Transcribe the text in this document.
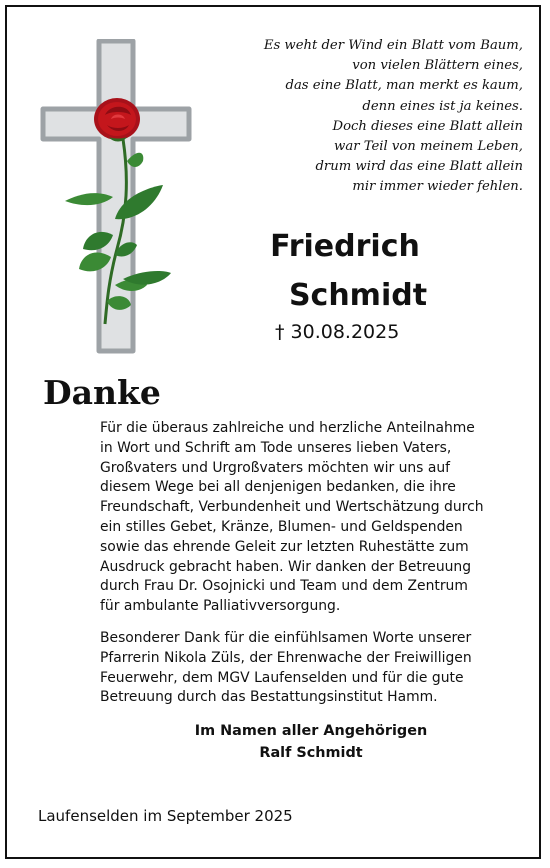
Es weht der Wind ein Blatt vom Baum,
von vielen Blättern eines,
das eine Blatt, man merkt es kaum,
denn eines ist ja keines.
Doch dieses eine Blatt allein
war Teil von meinem Leben,
drum wird das eine Blatt allein
mir immer wieder fehlen.
Friedrich
Schmidt
† 30.08.2025
Danke
Für die überaus zahlreiche und herzliche Anteilnahme
in Wort und Schrift am Tode unseres lieben Vaters,
Großvaters und Urgroßvaters möchten wir uns auf
diesem Wege bei all denjenigen bedanken, die ihre
Freundschaft, Verbundenheit und Wertschätzung durch
ein stilles Gebet, Kränze, Blumen- und Geldspenden
sowie das ehrende Geleit zur letzten Ruhestätte zum
Ausdruck gebracht haben. Wir danken der Betreuung
durch Frau Dr. Osojnicki und Team und dem Zentrum
für ambulante Palliativversorgung.
Besonderer Dank für die einfühlsamen Worte unserer
Pfarrerin Nikola Züls, der Ehrenwache der Freiwilligen
Feuerwehr, dem MGV Laufenselden und für die gute
Betreuung durch das Bestattungsinstitut Hamm.
Im Namen aller Angehörigen
Ralf Schmidt
Laufenselden im September 2025
